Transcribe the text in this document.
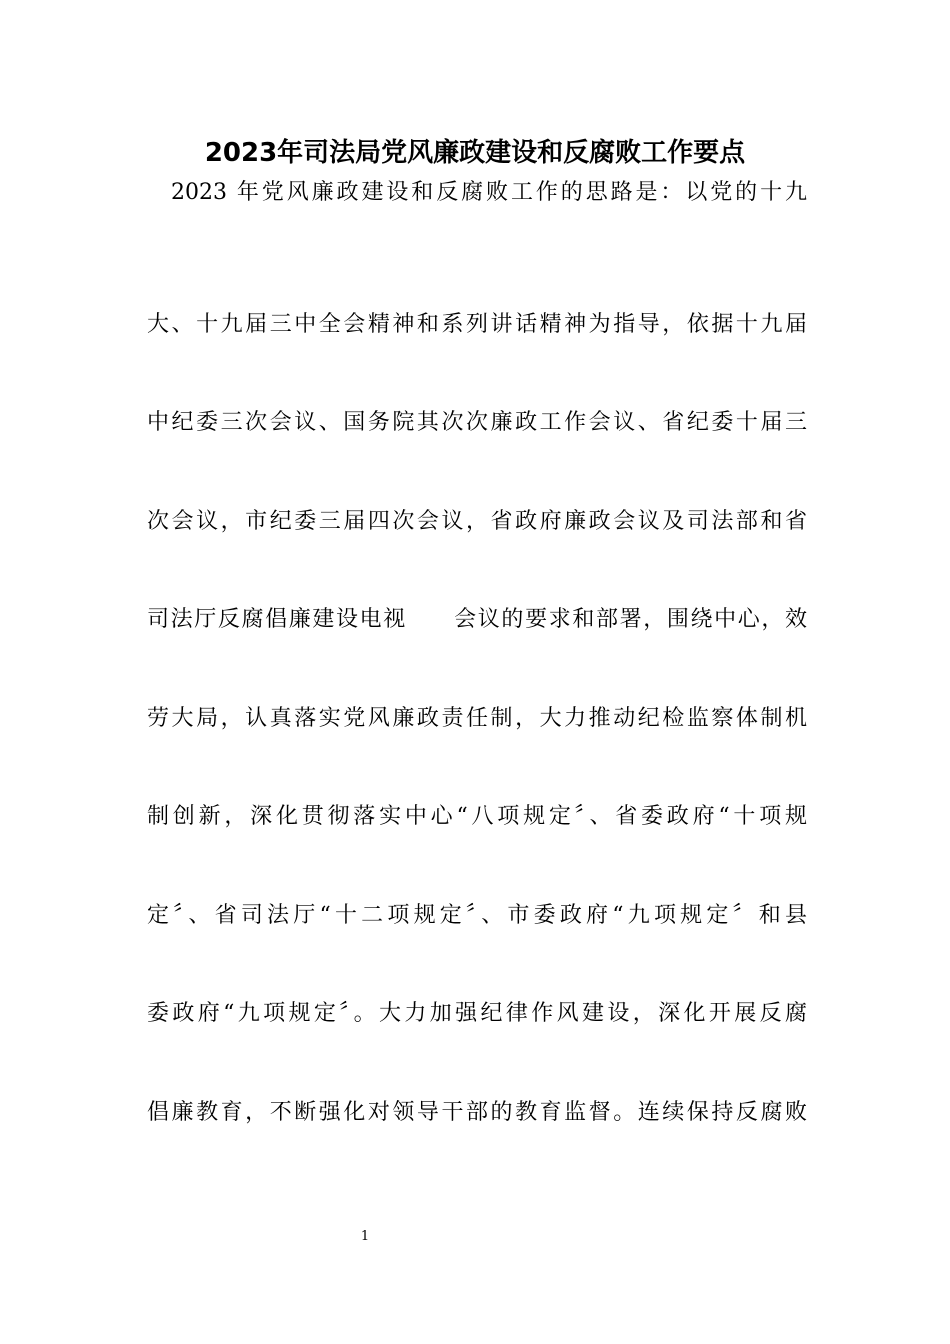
2023年司法局党风廉政建设和反腐败工作要点
2023 年党风廉政建设和反腐败工作的思路是：以党的十九
大、十九届三中全会精神和系列讲话精神为指导，依据十九届
中纪委三次会议、国务院其次次廉政工作会议、省纪委十届三
次会议，市纪委三届四次会议，省政府廉政会议及司法部和省
司法厅反腐倡廉建设电视　　会议的要求和部署，围绕中心，效
劳大局，认真落实党风廉政责任制，大力推动纪检监察体制机
制创新，深化贯彻落实中心“八项规定〞、省委政府“十项规
定〞、省司法厅“十二项规定〞、市委政府“九项规定〞和县
委政府“九项规定〞。大力加强纪律作风建设，深化开展反腐
倡廉教育，不断强化对领导干部的教育监督。连续保持反腐败
1
